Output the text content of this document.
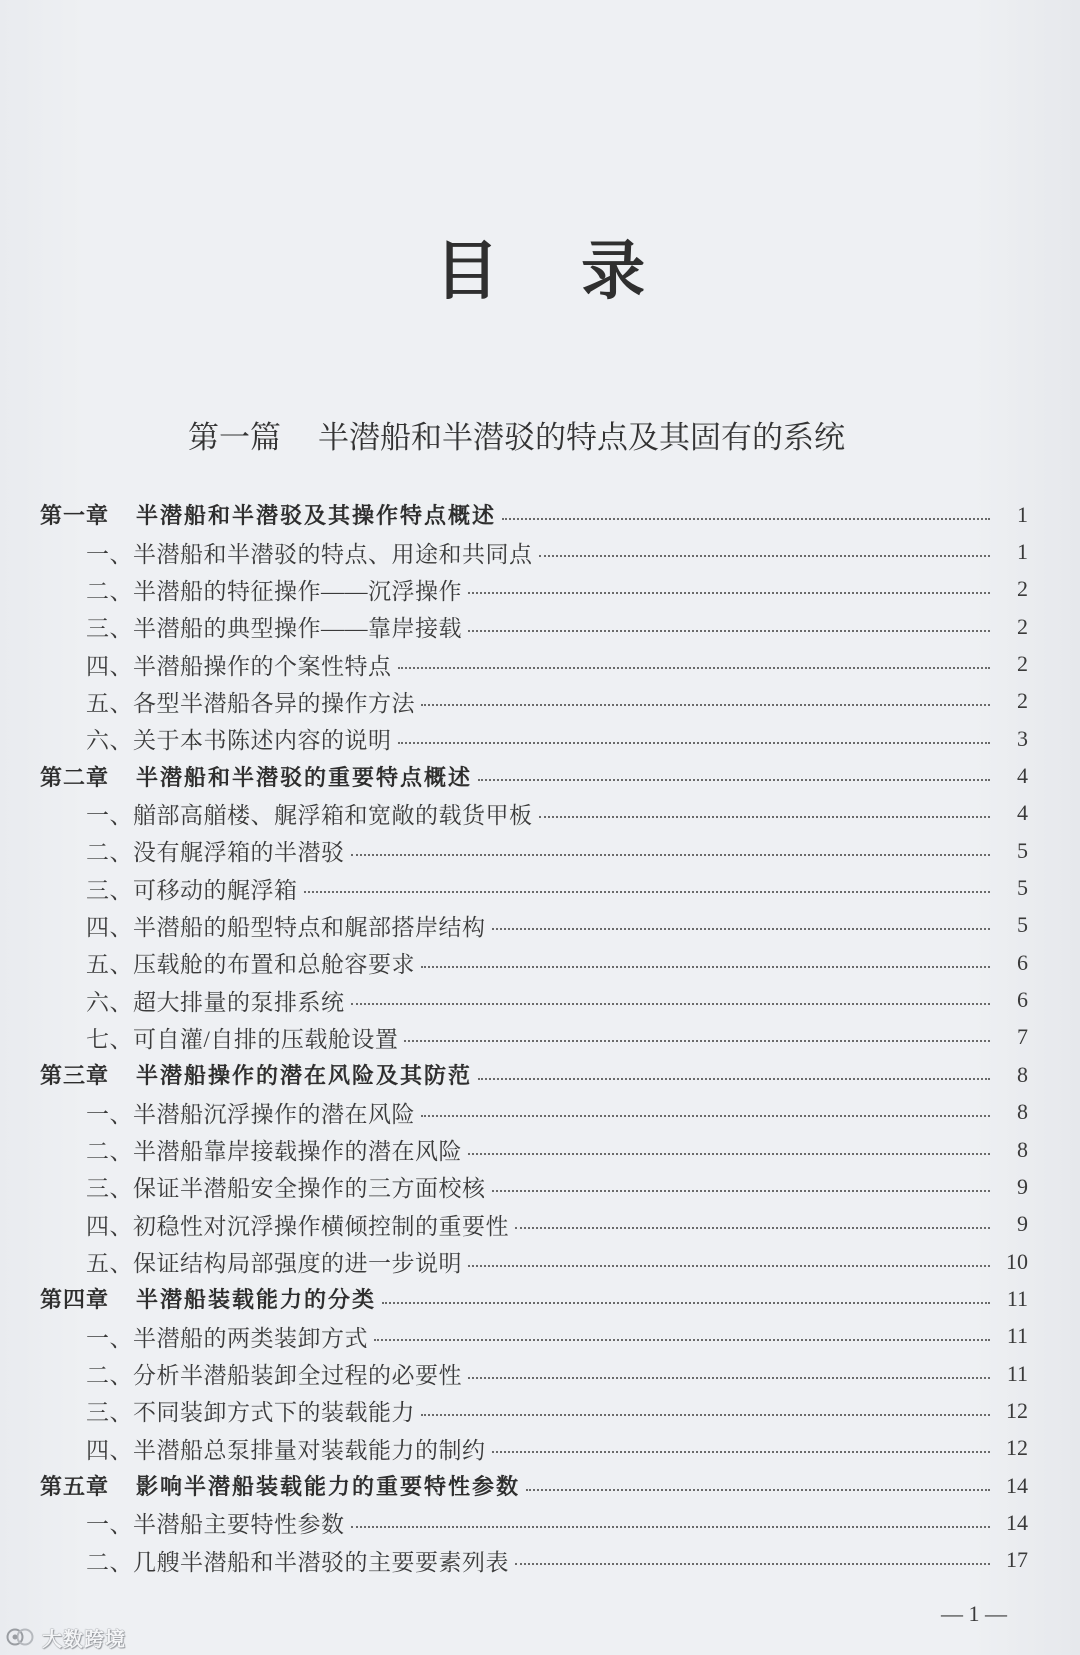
目 录
第一篇 半潜船和半潜驳的特点及其固有的系统
第一章 半潜船和半潜驳及其操作特点概述	1
一、半潜船和半潜驳的特点、用途和共同点	1
二、半潜船的特征操作——沉浮操作	2
三、半潜船的典型操作——靠岸接载	2
四、半潜船操作的个案性特点	2
五、各型半潜船各异的操作方法	2
六、关于本书陈述内容的说明	3
第二章 半潜船和半潜驳的重要特点概述	4
一、艏部高艏楼、艉浮箱和宽敞的载货甲板	4
二、没有艉浮箱的半潜驳	5
三、可移动的艉浮箱	5
四、半潜船的船型特点和艉部搭岸结构	5
五、压载舱的布置和总舱容要求	6
六、超大排量的泵排系统	6
七、可自灌/自排的压载舱设置	7
第三章 半潜船操作的潜在风险及其防范	8
一、半潜船沉浮操作的潜在风险	8
二、半潜船靠岸接载操作的潜在风险	8
三、保证半潜船安全操作的三方面校核	9
四、初稳性对沉浮操作横倾控制的重要性	9
五、保证结构局部强度的进一步说明	10
第四章 半潜船装载能力的分类	11
一、半潜船的两类装卸方式	11
二、分析半潜船装卸全过程的必要性	11
三、不同装卸方式下的装载能力	12
四、半潜船总泵排量对装载能力的制约	12
第五章 影响半潜船装载能力的重要特性参数	14
一、半潜船主要特性参数	14
二、几艘半潜船和半潜驳的主要要素列表	17
— 1 —
大数跨境
